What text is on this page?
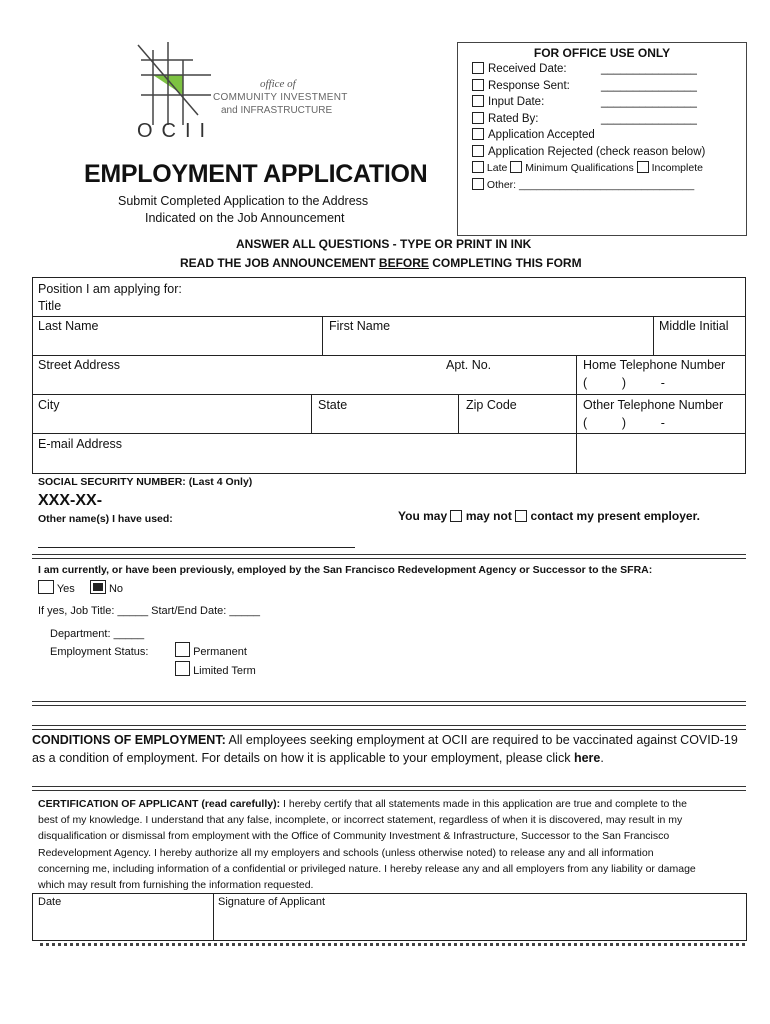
office of
COMMUNITY INVESTMENT
and INFRASTRUCTURE
OCII
FOR OFFICE USE ONLY
Received Date:	_______________
Response Sent:	_______________
Input Date:	_______________
Rated By:	_______________
Application Accepted
Application Rejected (check reason below)
Late Minimum Qualifications Incomplete
Other: ______________________________
EMPLOYMENT APPLICATION
Submit Completed Application to the Address
Indicated on the Job Announcement
ANSWER ALL QUESTIONS - TYPE OR PRINT IN INK
READ THE JOB ANNOUNCEMENT BEFORE COMPLETING THIS FORM
Position I am applying for:
Title
Last Name	First Name	Middle Initial
Street Address	Apt. No.	Home Telephone Number
(          )          -
City	State	Zip Code	Other Telephone Number
(          )          -
E-mail Address
SOCIAL SECURITY NUMBER: (Last 4 Only)
XXX-XX-
Other name(s) I have used:	You may may not contact my present employer.
I am currently, or have been previously, employed by the San Francisco Redevelopment Agency or Successor to the SFRA:
Yes	No
If yes, Job Title: _____ Start/End Date: _____
Department: _____
Employment Status:	Permanent
Limited Term
CONDITIONS OF EMPLOYMENT: All employees seeking employment at OCII are required to be vaccinated against COVID-19
as a condition of employment. For details on how it is applicable to your employment, please click here.
CERTIFICATION OF APPLICANT (read carefully): I hereby certify that all statements made in this application are true and complete to the
best of my knowledge. I understand that any false, incomplete, or incorrect statement, regardless of when it is discovered, may result in my
disqualification or dismissal from employment with the Office of Community Investment & Infrastructure, Successor to the San Francisco
Redevelopment Agency. I hereby authorize all my employers and schools (unless otherwise noted) to release any and all information
concerning me, including information of a confidential or privileged nature. I hereby release any and all employers from any liability or damage
which may result from furnishing the information requested.
Date	Signature of Applicant
